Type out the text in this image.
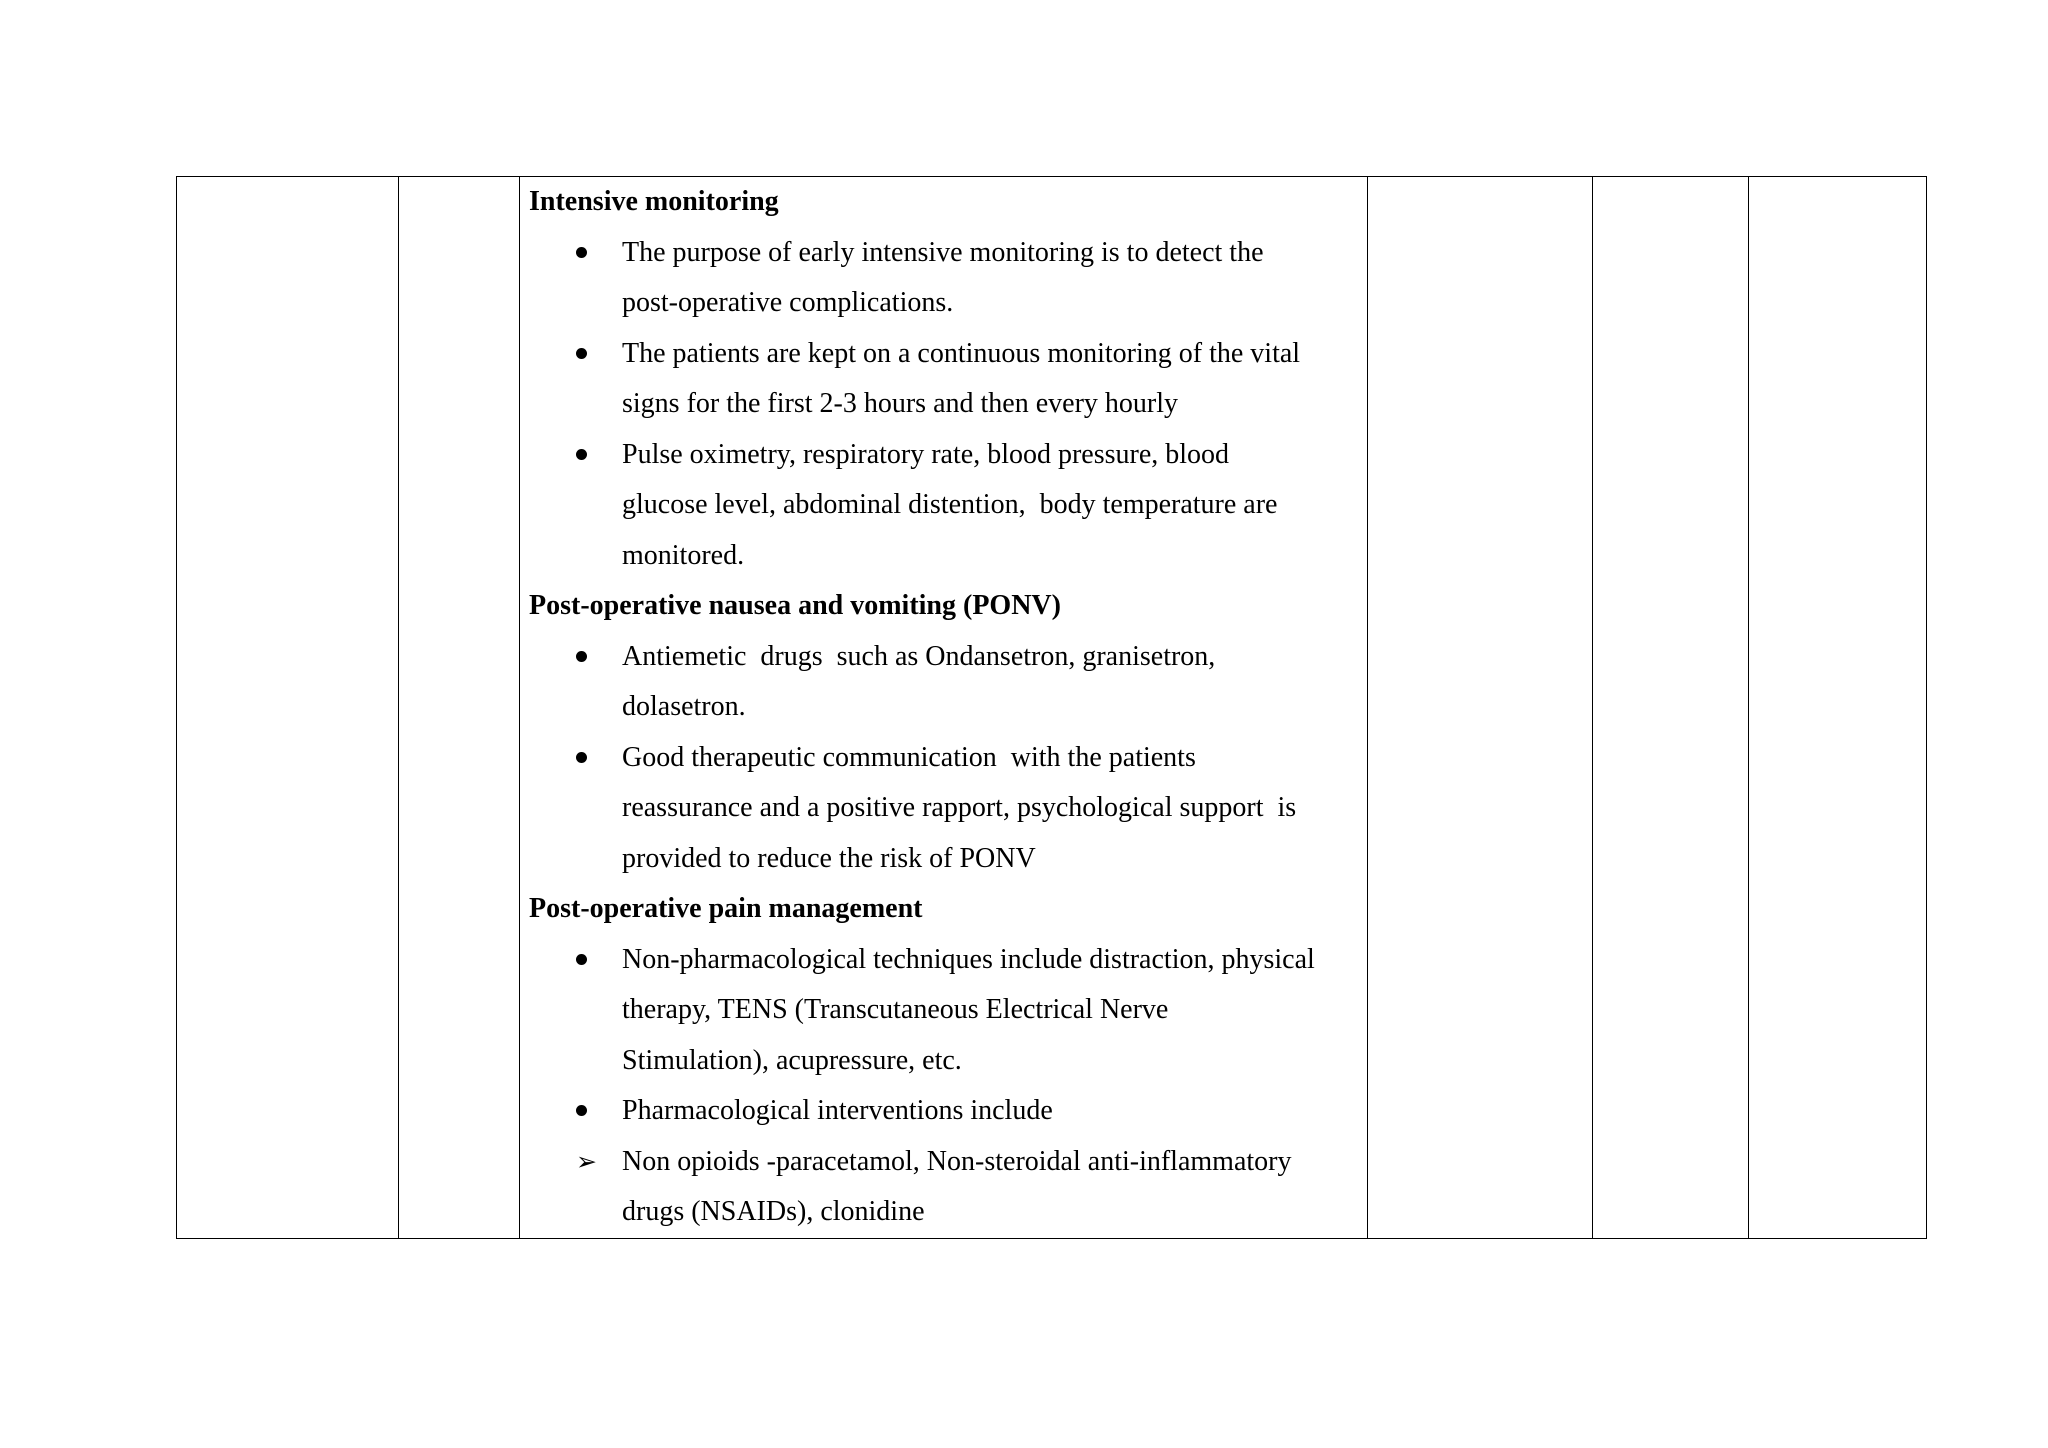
Intensive monitoring
The purpose of early intensive monitoring is to detect the
post-operative complications.
The patients are kept on a continuous monitoring of the vital
signs for the first 2-3 hours and then every hourly
Pulse oximetry, respiratory rate, blood pressure, blood
glucose level, abdominal distention,  body temperature are
monitored.
Post-operative nausea and vomiting (PONV)
Antiemetic  drugs  such as Ondansetron, granisetron,
dolasetron.
Good therapeutic communication  with the patients
reassurance and a positive rapport, psychological support  is
provided to reduce the risk of PONV
Post-operative pain management
Non-pharmacological techniques include distraction, physical
therapy, TENS (Transcutaneous Electrical Nerve
Stimulation), acupressure, etc.
Pharmacological interventions include
➢ Non opioids -paracetamol, Non-steroidal anti-inflammatory
drugs (NSAIDs), clonidine
